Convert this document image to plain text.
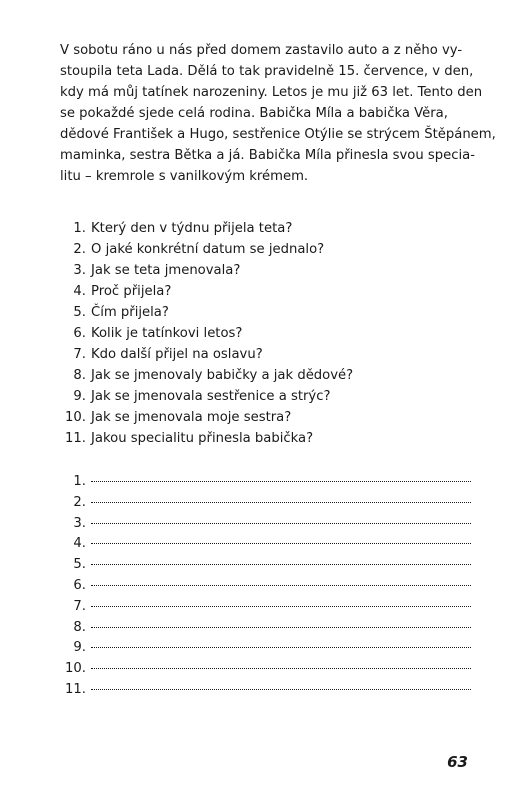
V sobotu ráno u nás před domem zastavilo auto a z něho vy-
stoupila teta Lada. Dělá to tak pravidelně 15. července, v den,
kdy má můj tatínek narozeniny. Letos je mu již 63 let. Tento den
se pokaždé sjede celá rodina. Babička Míla a babička Věra,
dědové František a Hugo, sestřenice Otýlie se strýcem Štěpánem,
maminka, sestra Bětka a já. Babička Míla přinesla svou specia-
litu – kremrole s vanilkovým krémem.

1. Který den v týdnu přijela teta?
2. O jaké konkrétní datum se jednalo?
3. Jak se teta jmenovala?
4. Proč přijela?
5. Čím přijela?
6. Kolik je tatínkovi letos?
7. Kdo další přijel na oslavu?
8. Jak se jmenovaly babičky a jak dědové?
9. Jak se jmenovala sestřenice a strýc?
10. Jak se jmenovala moje sestra?
11. Jakou specialitu přinesla babička?
1.
2.
3.
4.
5.
6.
7.
8.
9.
10.
11.

63
